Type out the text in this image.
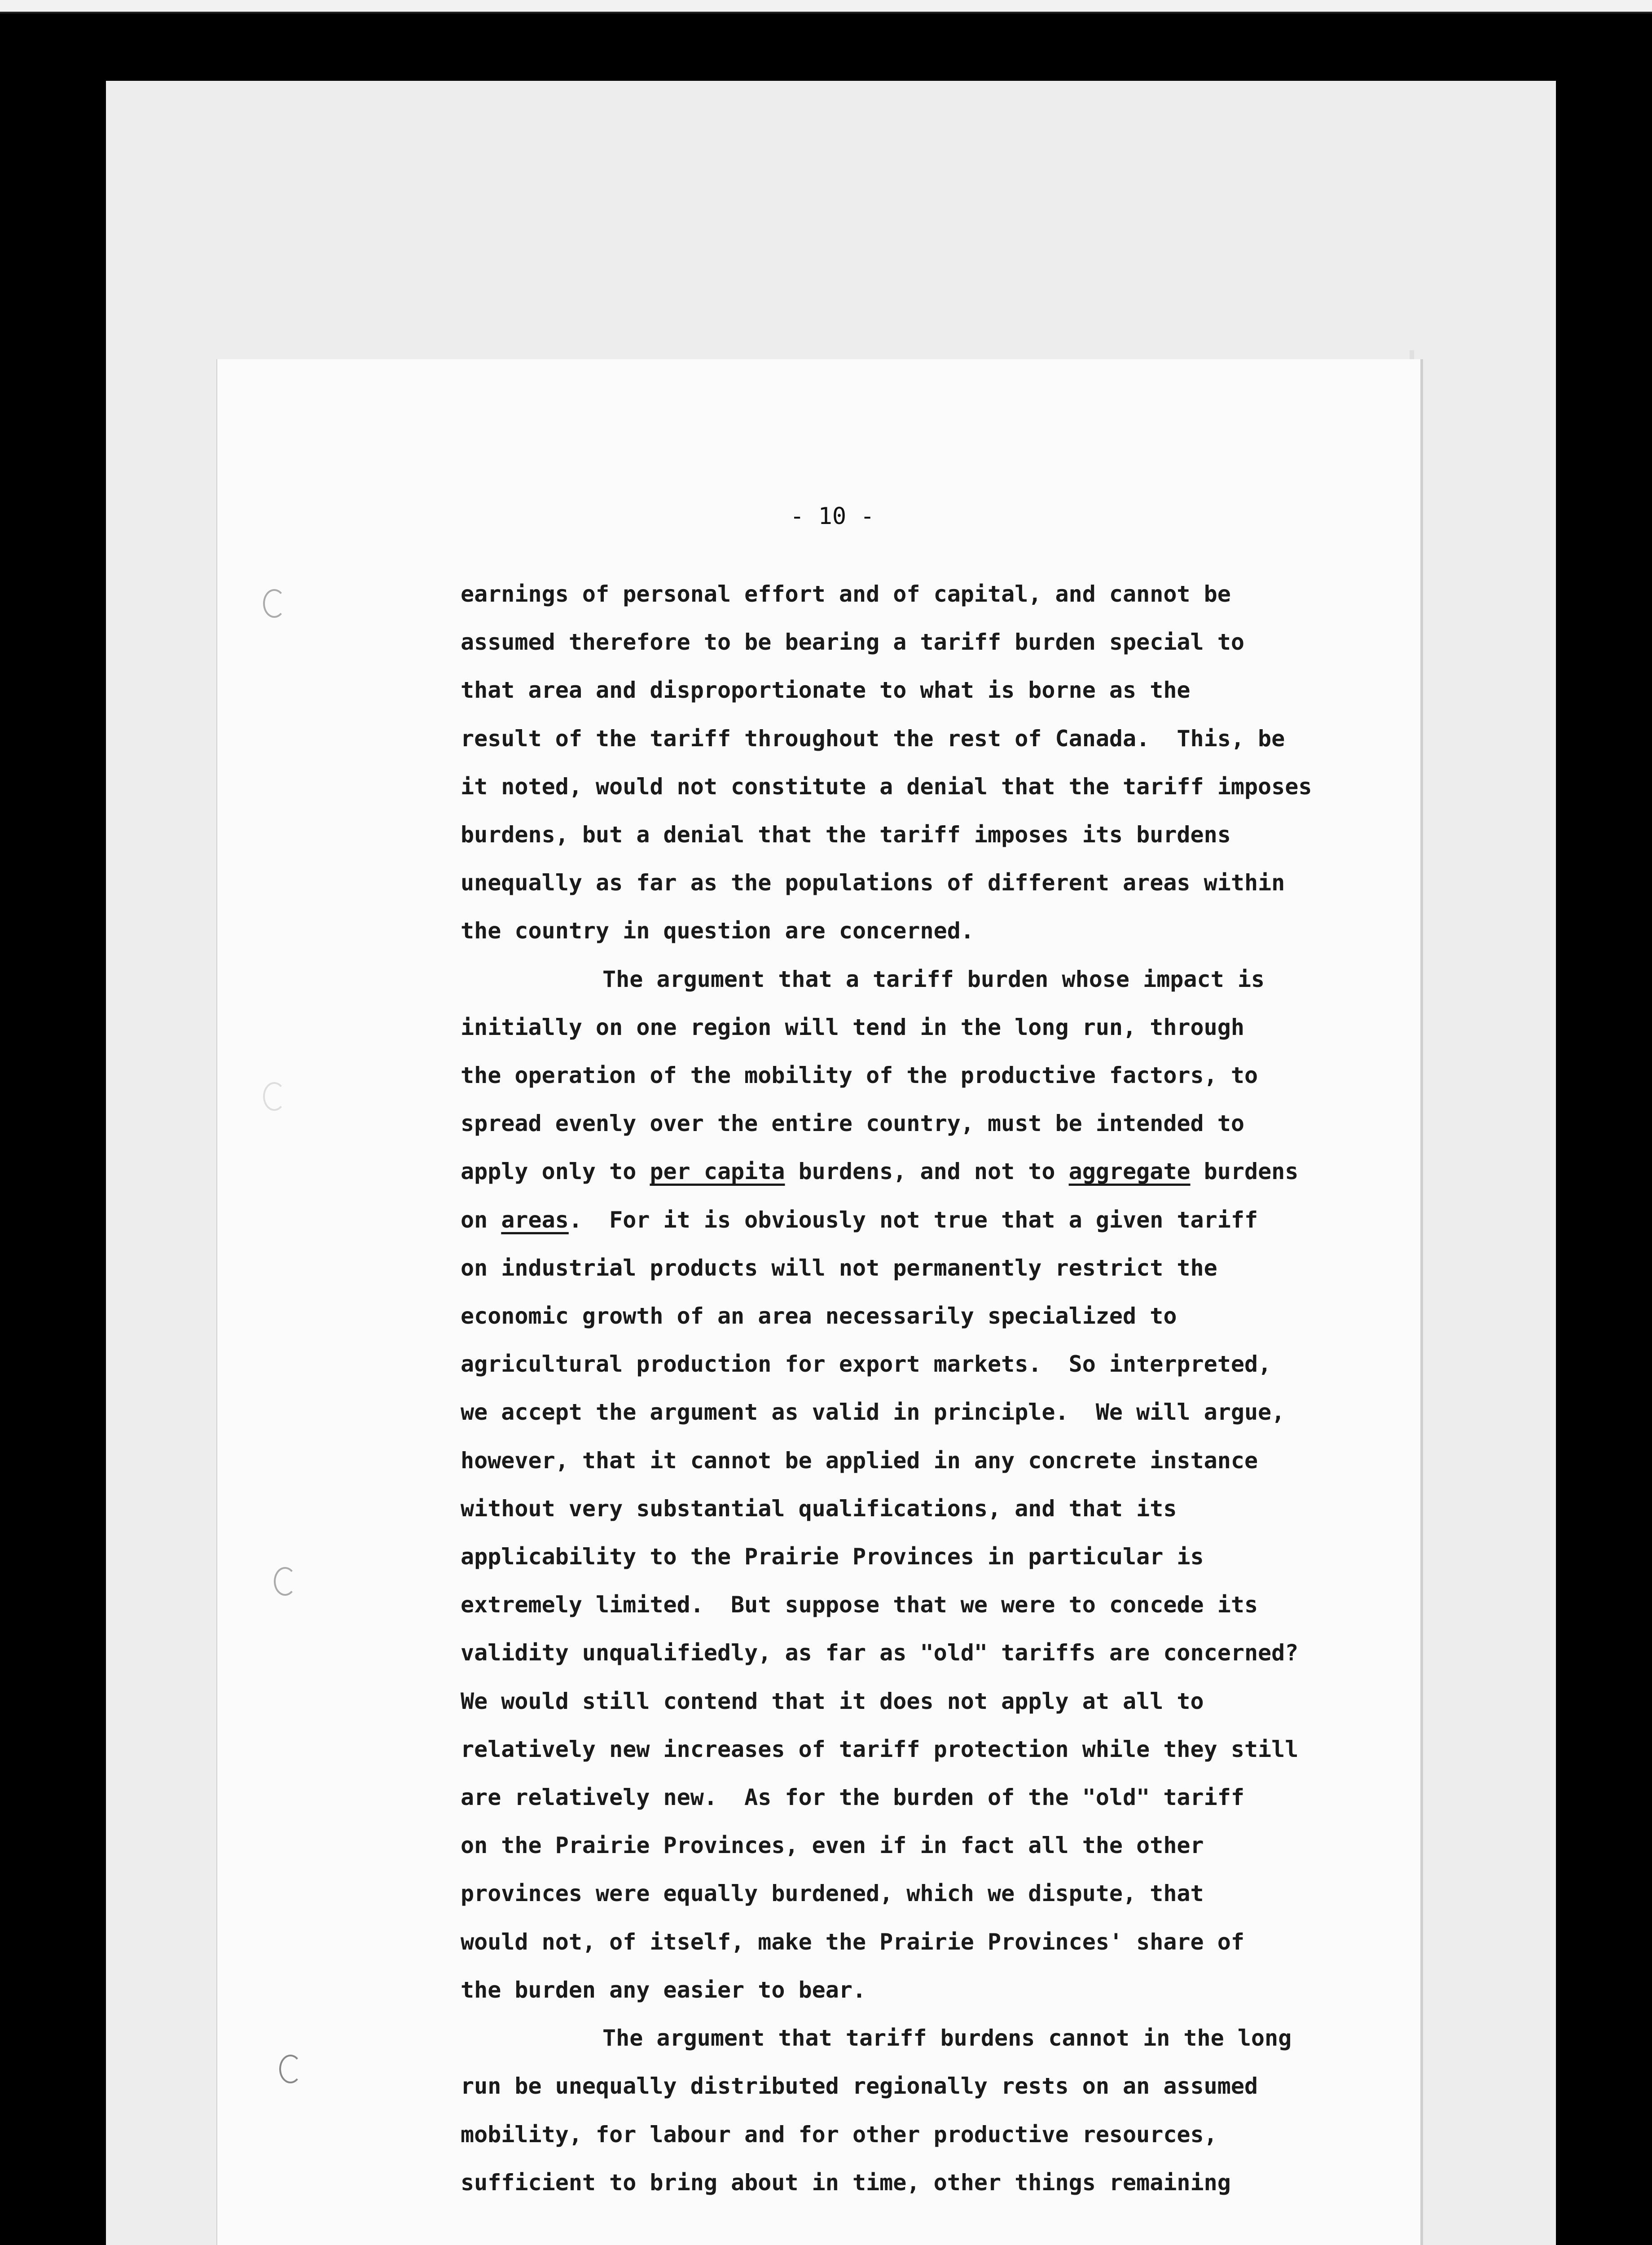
- 10 -
earnings of personal effort and of capital, and cannot be
assumed therefore to be bearing a tariff burden special to
that area and disproportionate to what is borne as the
result of the tariff throughout the rest of Canada.  This, be
it noted, would not constitute a denial that the tariff imposes
burdens, but a denial that the tariff imposes its burdens
unequally as far as the populations of different areas within
the country in question are concerned.
The argument that a tariff burden whose impact is
initially on one region will tend in the long run, through
the operation of the mobility of the productive factors, to
spread evenly over the entire country, must be intended to
apply only to per capita burdens, and not to aggregate burdens
on areas.  For it is obviously not true that a given tariff
on industrial products will not permanently restrict the
economic growth of an area necessarily specialized to
agricultural production for export markets.  So interpreted,
we accept the argument as valid in principle.  We will argue,
however, that it cannot be applied in any concrete instance
without very substantial qualifications, and that its
applicability to the Prairie Provinces in particular is
extremely limited.  But suppose that we were to concede its
validity unqualifiedly, as far as "old" tariffs are concerned?
We would still contend that it does not apply at all to
relatively new increases of tariff protection while they still
are relatively new.  As for the burden of the "old" tariff
on the Prairie Provinces, even if in fact all the other
provinces were equally burdened, which we dispute, that
would not, of itself, make the Prairie Provinces' share of
the burden any easier to bear.
The argument that tariff burdens cannot in the long
run be unequally distributed regionally rests on an assumed
mobility, for labour and for other productive resources,
sufficient to bring about in time, other things remaining
